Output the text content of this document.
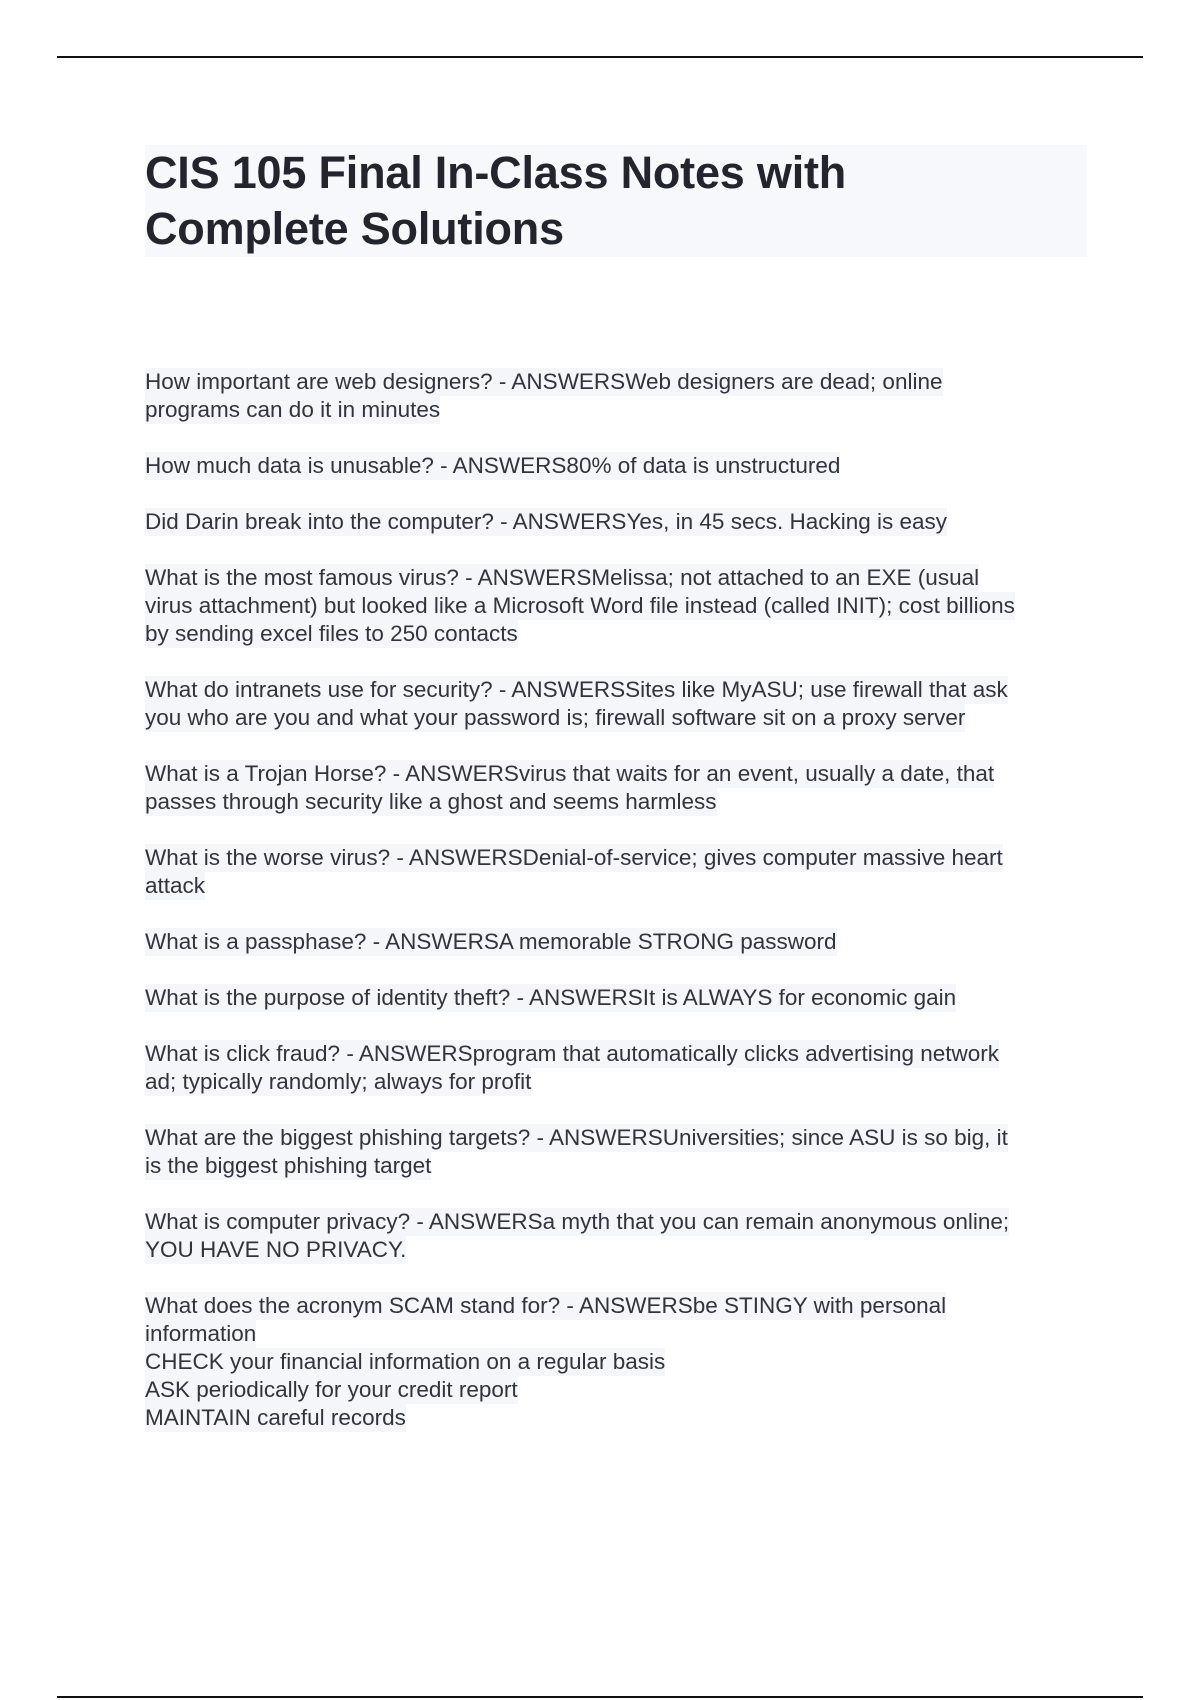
CIS 105 Final In-Class Notes with
Complete Solutions
How important are web designers? - ANSWERSWeb designers are dead; online
programs can do it in minutes
How much data is unusable? - ANSWERS80% of data is unstructured
Did Darin break into the computer? - ANSWERSYes, in 45 secs. Hacking is easy
What is the most famous virus? - ANSWERSMelissa; not attached to an EXE (usual
virus attachment) but looked like a Microsoft Word file instead (called INIT); cost billions
by sending excel files to 250 contacts
What do intranets use for security? - ANSWERSSites like MyASU; use firewall that ask
you who are you and what your password is; firewall software sit on a proxy server
What is a Trojan Horse? - ANSWERSvirus that waits for an event, usually a date, that
passes through security like a ghost and seems harmless
What is the worse virus? - ANSWERSDenial-of-service; gives computer massive heart
attack
What is a passphase? - ANSWERSA memorable STRONG password
What is the purpose of identity theft? - ANSWERSIt is ALWAYS for economic gain
What is click fraud? - ANSWERSprogram that automatically clicks advertising network
ad; typically randomly; always for profit
What are the biggest phishing targets? - ANSWERSUniversities; since ASU is so big, it
is the biggest phishing target
What is computer privacy? - ANSWERSa myth that you can remain anonymous online;
YOU HAVE NO PRIVACY.
What does the acronym SCAM stand for? - ANSWERSbe STINGY with personal
information
CHECK your financial information on a regular basis
ASK periodically for your credit report
MAINTAIN careful records
